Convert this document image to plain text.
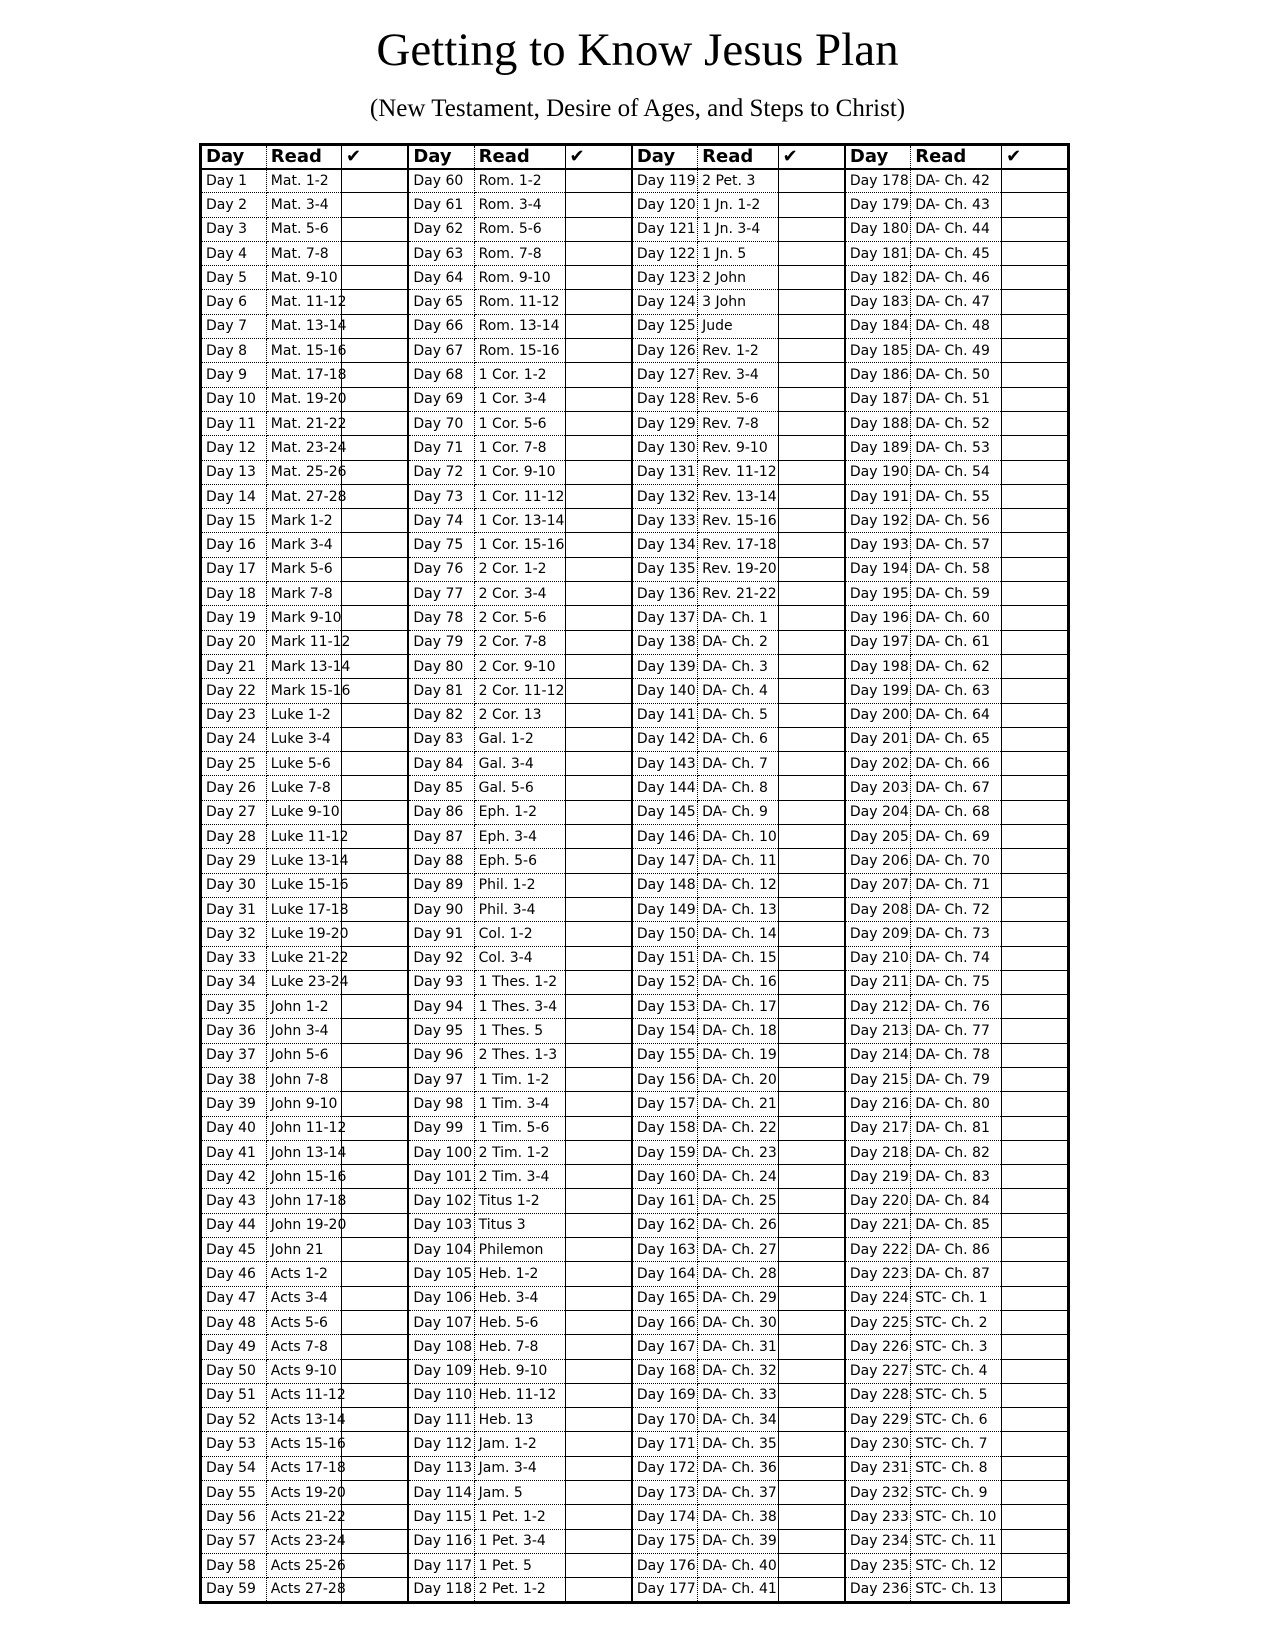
Getting to Know Jesus Plan
(New Testament, Desire of Ages, and Steps to Christ)
Day	Read	✔	Day	Read	✔	Day	Read	✔	Day	Read	✔
Day 1	Mat. 1-2		Day 60	Rom. 1-2		Day 119	2 Pet. 3		Day 178	DA- Ch. 42	
Day 2	Mat. 3-4		Day 61	Rom. 3-4		Day 120	1 Jn. 1-2		Day 179	DA- Ch. 43	
Day 3	Mat. 5-6		Day 62	Rom. 5-6		Day 121	1 Jn. 3-4		Day 180	DA- Ch. 44	
Day 4	Mat. 7-8		Day 63	Rom. 7-8		Day 122	1 Jn. 5		Day 181	DA- Ch. 45	
Day 5	Mat. 9-10		Day 64	Rom. 9-10		Day 123	2 John		Day 182	DA- Ch. 46	
Day 6	Mat. 11-12		Day 65	Rom. 11-12		Day 124	3 John		Day 183	DA- Ch. 47	
Day 7	Mat. 13-14		Day 66	Rom. 13-14		Day 125	Jude		Day 184	DA- Ch. 48	
Day 8	Mat. 15-16		Day 67	Rom. 15-16		Day 126	Rev. 1-2		Day 185	DA- Ch. 49	
Day 9	Mat. 17-18		Day 68	1 Cor. 1-2		Day 127	Rev. 3-4		Day 186	DA- Ch. 50	
Day 10	Mat. 19-20		Day 69	1 Cor. 3-4		Day 128	Rev. 5-6		Day 187	DA- Ch. 51	
Day 11	Mat. 21-22		Day 70	1 Cor. 5-6		Day 129	Rev. 7-8		Day 188	DA- Ch. 52	
Day 12	Mat. 23-24		Day 71	1 Cor. 7-8		Day 130	Rev. 9-10		Day 189	DA- Ch. 53	
Day 13	Mat. 25-26		Day 72	1 Cor. 9-10		Day 131	Rev. 11-12		Day 190	DA- Ch. 54	
Day 14	Mat. 27-28		Day 73	1 Cor. 11-12		Day 132	Rev. 13-14		Day 191	DA- Ch. 55	
Day 15	Mark 1-2		Day 74	1 Cor. 13-14		Day 133	Rev. 15-16		Day 192	DA- Ch. 56	
Day 16	Mark 3-4		Day 75	1 Cor. 15-16		Day 134	Rev. 17-18		Day 193	DA- Ch. 57	
Day 17	Mark 5-6		Day 76	2 Cor. 1-2		Day 135	Rev. 19-20		Day 194	DA- Ch. 58	
Day 18	Mark 7-8		Day 77	2 Cor. 3-4		Day 136	Rev. 21-22		Day 195	DA- Ch. 59	
Day 19	Mark 9-10		Day 78	2 Cor. 5-6		Day 137	DA- Ch. 1		Day 196	DA- Ch. 60	
Day 20	Mark 11-12		Day 79	2 Cor. 7-8		Day 138	DA- Ch. 2		Day 197	DA- Ch. 61	
Day 21	Mark 13-14		Day 80	2 Cor. 9-10		Day 139	DA- Ch. 3		Day 198	DA- Ch. 62	
Day 22	Mark 15-16		Day 81	2 Cor. 11-12		Day 140	DA- Ch. 4		Day 199	DA- Ch. 63	
Day 23	Luke 1-2		Day 82	2 Cor. 13		Day 141	DA- Ch. 5		Day 200	DA- Ch. 64	
Day 24	Luke 3-4		Day 83	Gal. 1-2		Day 142	DA- Ch. 6		Day 201	DA- Ch. 65	
Day 25	Luke 5-6		Day 84	Gal. 3-4		Day 143	DA- Ch. 7		Day 202	DA- Ch. 66	
Day 26	Luke 7-8		Day 85	Gal. 5-6		Day 144	DA- Ch. 8		Day 203	DA- Ch. 67	
Day 27	Luke 9-10		Day 86	Eph. 1-2		Day 145	DA- Ch. 9		Day 204	DA- Ch. 68	
Day 28	Luke 11-12		Day 87	Eph. 3-4		Day 146	DA- Ch. 10		Day 205	DA- Ch. 69	
Day 29	Luke 13-14		Day 88	Eph. 5-6		Day 147	DA- Ch. 11		Day 206	DA- Ch. 70	
Day 30	Luke 15-16		Day 89	Phil. 1-2		Day 148	DA- Ch. 12		Day 207	DA- Ch. 71	
Day 31	Luke 17-18		Day 90	Phil. 3-4		Day 149	DA- Ch. 13		Day 208	DA- Ch. 72	
Day 32	Luke 19-20		Day 91	Col. 1-2		Day 150	DA- Ch. 14		Day 209	DA- Ch. 73	
Day 33	Luke 21-22		Day 92	Col. 3-4		Day 151	DA- Ch. 15		Day 210	DA- Ch. 74	
Day 34	Luke 23-24		Day 93	1 Thes. 1-2		Day 152	DA- Ch. 16		Day 211	DA- Ch. 75	
Day 35	John 1-2		Day 94	1 Thes. 3-4		Day 153	DA- Ch. 17		Day 212	DA- Ch. 76	
Day 36	John 3-4		Day 95	1 Thes. 5		Day 154	DA- Ch. 18		Day 213	DA- Ch. 77	
Day 37	John 5-6		Day 96	2 Thes. 1-3		Day 155	DA- Ch. 19		Day 214	DA- Ch. 78	
Day 38	John 7-8		Day 97	1 Tim. 1-2		Day 156	DA- Ch. 20		Day 215	DA- Ch. 79	
Day 39	John 9-10		Day 98	1 Tim. 3-4		Day 157	DA- Ch. 21		Day 216	DA- Ch. 80	
Day 40	John 11-12		Day 99	1 Tim. 5-6		Day 158	DA- Ch. 22		Day 217	DA- Ch. 81	
Day 41	John 13-14		Day 100	2 Tim. 1-2		Day 159	DA- Ch. 23		Day 218	DA- Ch. 82	
Day 42	John 15-16		Day 101	2 Tim. 3-4		Day 160	DA- Ch. 24		Day 219	DA- Ch. 83	
Day 43	John 17-18		Day 102	Titus 1-2		Day 161	DA- Ch. 25		Day 220	DA- Ch. 84	
Day 44	John 19-20		Day 103	Titus 3		Day 162	DA- Ch. 26		Day 221	DA- Ch. 85	
Day 45	John 21		Day 104	Philemon		Day 163	DA- Ch. 27		Day 222	DA- Ch. 86	
Day 46	Acts 1-2		Day 105	Heb. 1-2		Day 164	DA- Ch. 28		Day 223	DA- Ch. 87	
Day 47	Acts 3-4		Day 106	Heb. 3-4		Day 165	DA- Ch. 29		Day 224	STC- Ch. 1	
Day 48	Acts 5-6		Day 107	Heb. 5-6		Day 166	DA- Ch. 30		Day 225	STC- Ch. 2	
Day 49	Acts 7-8		Day 108	Heb. 7-8		Day 167	DA- Ch. 31		Day 226	STC- Ch. 3	
Day 50	Acts 9-10		Day 109	Heb. 9-10		Day 168	DA- Ch. 32		Day 227	STC- Ch. 4	
Day 51	Acts 11-12		Day 110	Heb. 11-12		Day 169	DA- Ch. 33		Day 228	STC- Ch. 5	
Day 52	Acts 13-14		Day 111	Heb. 13		Day 170	DA- Ch. 34		Day 229	STC- Ch. 6	
Day 53	Acts 15-16		Day 112	Jam. 1-2		Day 171	DA- Ch. 35		Day 230	STC- Ch. 7	
Day 54	Acts 17-18		Day 113	Jam. 3-4		Day 172	DA- Ch. 36		Day 231	STC- Ch. 8	
Day 55	Acts 19-20		Day 114	Jam. 5		Day 173	DA- Ch. 37		Day 232	STC- Ch. 9	
Day 56	Acts 21-22		Day 115	1 Pet. 1-2		Day 174	DA- Ch. 38		Day 233	STC- Ch. 10	
Day 57	Acts 23-24		Day 116	1 Pet. 3-4		Day 175	DA- Ch. 39		Day 234	STC- Ch. 11	
Day 58	Acts 25-26		Day 117	1 Pet. 5		Day 176	DA- Ch. 40		Day 235	STC- Ch. 12	
Day 59	Acts 27-28		Day 118	2 Pet. 1-2		Day 177	DA- Ch. 41		Day 236	STC- Ch. 13	
